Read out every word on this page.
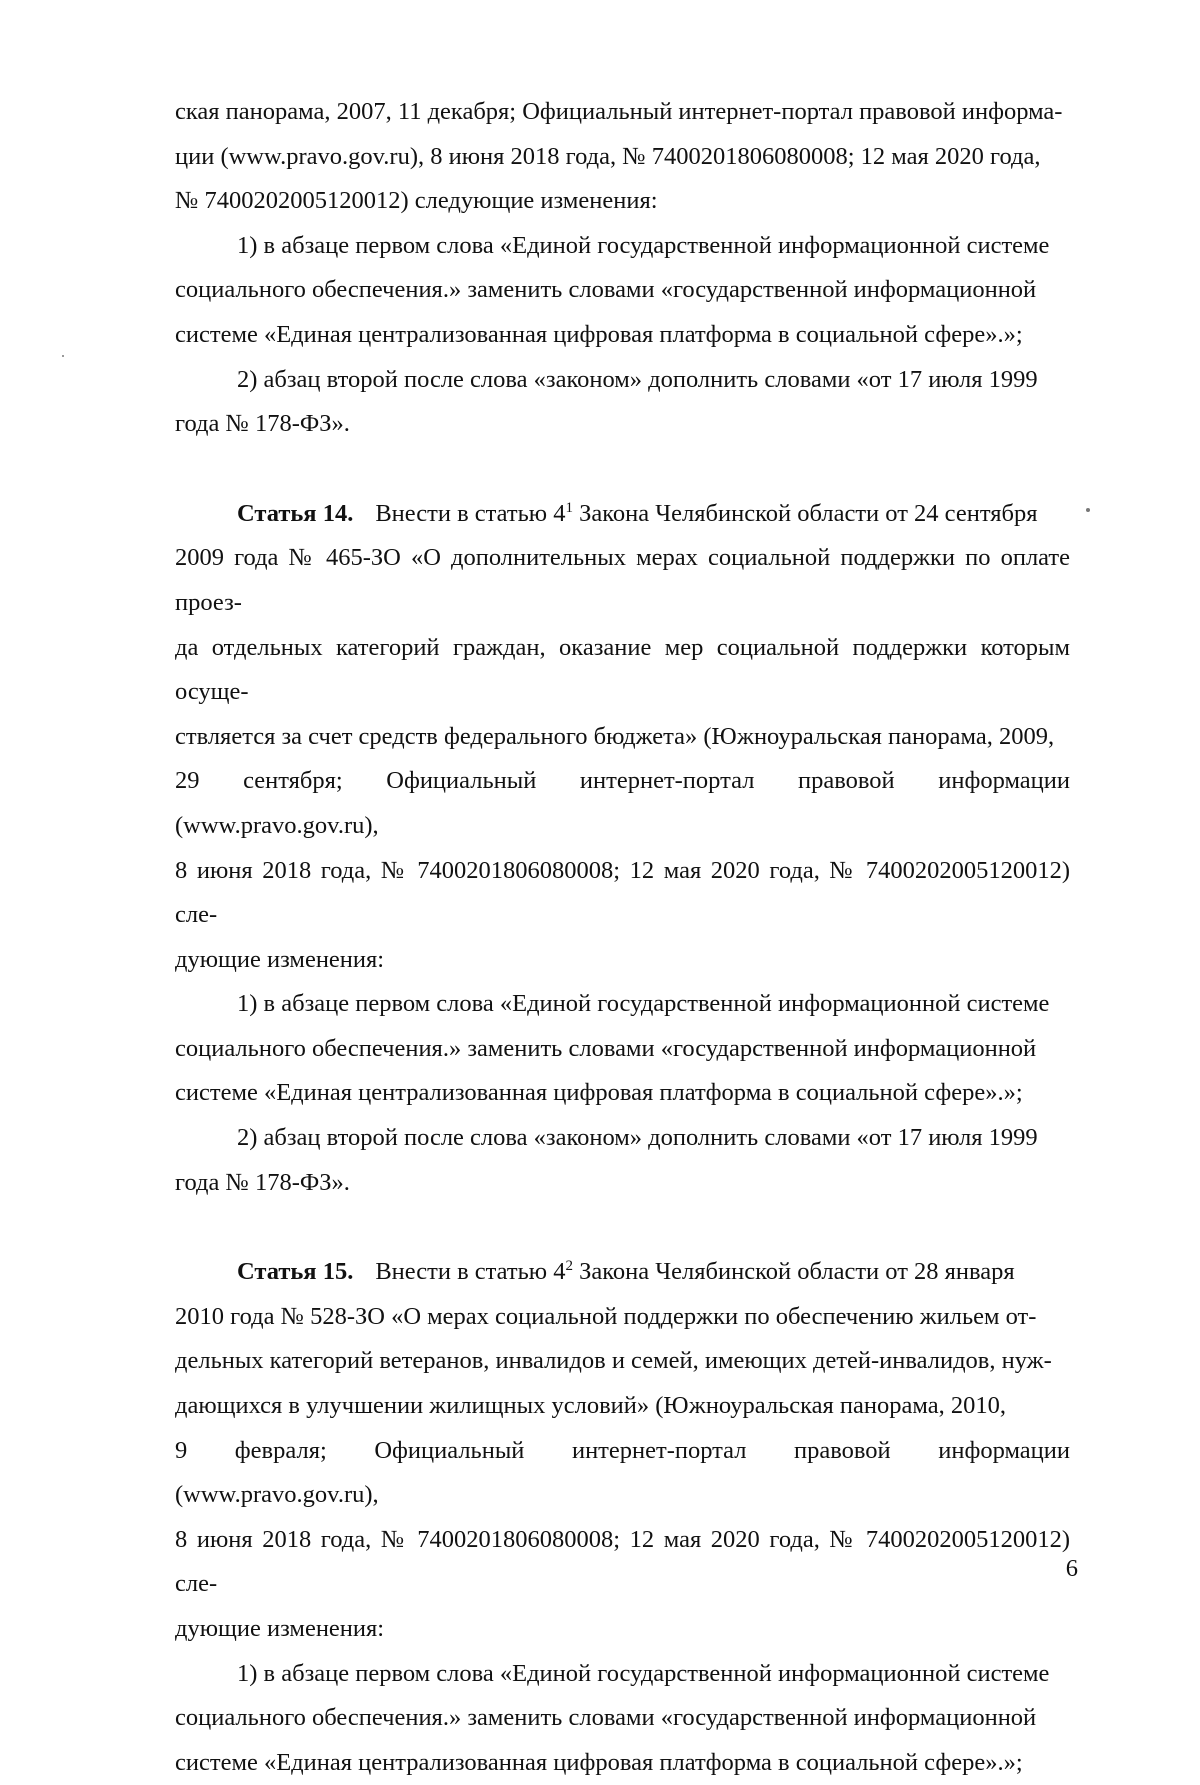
ская панорама, 2007, 11 декабря; Официальный интернет-портал правовой информа-
ции (www.pravo.gov.ru), 8 июня 2018 года, № 7400201806080008; 12 мая 2020 года,
№ 7400202005120012) следующие изменения:

1) в абзаце первом слова «Единой государственной информационной системе
социального обеспечения.» заменить словами «государственной информационной
системе «Единая централизованная цифровая платформа в социальной сфере».»;

2) абзац второй после слова «законом» дополнить словами «от 17 июля 1999
года № 178-ФЗ».

Статья 14. Внести в статью $4^1$ Закона Челябинской области от 24 сентября
2009 года № 465-ЗО «О дополнительных мерах социальной поддержки по оплате проез-
да отдельных категорий граждан, оказание мер социальной поддержки которым осуще-
ствляется за счет средств федерального бюджета» (Южноуральская панорама, 2009,
29 сентября; Официальный интернет-портал правовой информации (www.pravo.gov.ru),
8 июня 2018 года, № 7400201806080008; 12 мая 2020 года, № 7400202005120012) сле-
дующие изменения:

1) в абзаце первом слова «Единой государственной информационной системе
социального обеспечения.» заменить словами «государственной информационной
системе «Единая централизованная цифровая платформа в социальной сфере».»;

2) абзац второй после слова «законом» дополнить словами «от 17 июля 1999
года № 178-ФЗ».

Статья 15. Внести в статью $4^2$ Закона Челябинской области от 28 января
2010 года № 528-ЗО «О мерах социальной поддержки по обеспечению жильем от-
дельных категорий ветеранов, инвалидов и семей, имеющих детей-инвалидов, нуж-
дающихся в улучшении жилищных условий» (Южноуральская панорама, 2010,
9 февраля; Официальный интернет-портал правовой информации (www.pravo.gov.ru),
8 июня 2018 года, № 7400201806080008; 12 мая 2020 года, № 7400202005120012) сле-
дующие изменения:

1) в абзаце первом слова «Единой государственной информационной системе
социального обеспечения.» заменить словами «государственной информационной
системе «Единая централизованная цифровая платформа в социальной сфере».»;

6
